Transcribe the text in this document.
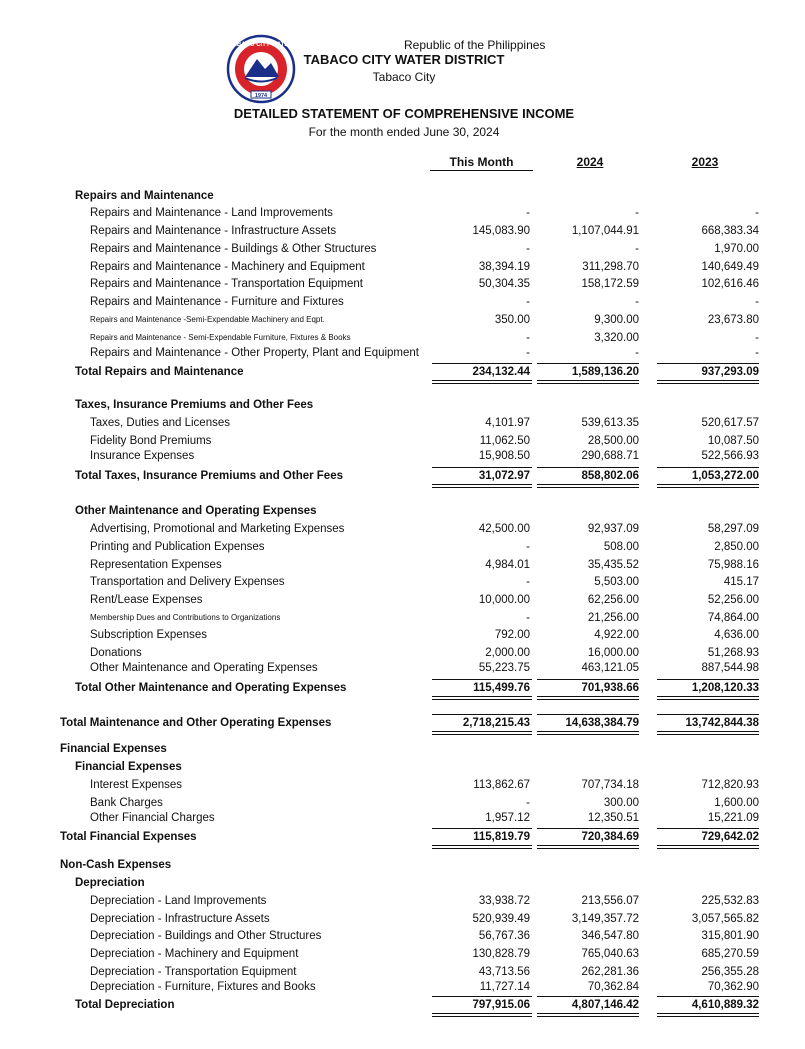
1974
TABACO CITY WATER	Republic of the Philippines
TABACO CITY WATER DISTRICT
Tabaco City
DETAILED STATEMENT OF COMPREHENSIVE INCOME
For the month ended June 30, 2024
This Month	2024	2023
Repairs and Maintenance
Repairs and Maintenance - Land Improvements	-	-	-
Repairs and Maintenance - Infrastructure Assets	145,083.90	1,107,044.91	668,383.34
Repairs and Maintenance - Buildings & Other Structures	-	-	1,970.00
Repairs and Maintenance - Machinery and Equipment	38,394.19	311,298.70	140,649.49
Repairs and Maintenance - Transportation Equipment	50,304.35	158,172.59	102,616.46
Repairs and Maintenance - Furniture and Fixtures	-	-	-
Repairs and Maintenance -Semi-Expendable Machinery and Eqpt.	350.00	9,300.00	23,673.80
Repairs and Maintenance - Semi-Expendable Furniture, Fixtures & Books	-	3,320.00	-
Repairs and Maintenance - Other Property, Plant and Equipment	-	-	-
Total Repairs and Maintenance	234,132.44	1,589,136.20	937,293.09
Taxes, Insurance Premiums and Other Fees
Taxes, Duties and Licenses	4,101.97	539,613.35	520,617.57
Fidelity Bond Premiums	11,062.50	28,500.00	10,087.50
Insurance Expenses	15,908.50	290,688.71	522,566.93
Total Taxes, Insurance Premiums and Other Fees	31,072.97	858,802.06	1,053,272.00
Other Maintenance and Operating Expenses
Advertising, Promotional and Marketing Expenses	42,500.00	92,937.09	58,297.09
Printing and Publication Expenses	-	508.00	2,850.00
Representation Expenses	4,984.01	35,435.52	75,988.16
Transportation and Delivery Expenses	-	5,503.00	415.17
Rent/Lease Expenses	10,000.00	62,256.00	52,256.00
Membership Dues and Contributions to Organizations	-	21,256.00	74,864.00
Subscription Expenses	792.00	4,922.00	4,636.00
Donations	2,000.00	16,000.00	51,268.93
Other Maintenance and Operating Expenses	55,223.75	463,121.05	887,544.98
Total Other Maintenance and Operating Expenses	115,499.76	701,938.66	1,208,120.33
Total Maintenance and Other Operating Expenses	2,718,215.43	14,638,384.79	13,742,844.38
Financial Expenses
Financial Expenses
Interest Expenses	113,862.67	707,734.18	712,820.93
Bank Charges	-	300.00	1,600.00
Other Financial Charges	1,957.12	12,350.51	15,221.09
Total Financial Expenses	115,819.79	720,384.69	729,642.02
Non-Cash Expenses
Depreciation
Depreciation - Land Improvements	33,938.72	213,556.07	225,532.83
Depreciation - Infrastructure Assets	520,939.49	3,149,357.72	3,057,565.82
Depreciation - Buildings and Other Structures	56,767.36	346,547.80	315,801.90
Depreciation - Machinery and Equipment	130,828.79	765,040.63	685,270.59
Depreciation - Transportation Equipment	43,713.56	262,281.36	256,355.28
Depreciation - Furniture, Fixtures and Books	11,727.14	70,362.84	70,362.90
Total Depreciation	797,915.06	4,807,146.42	4,610,889.32
